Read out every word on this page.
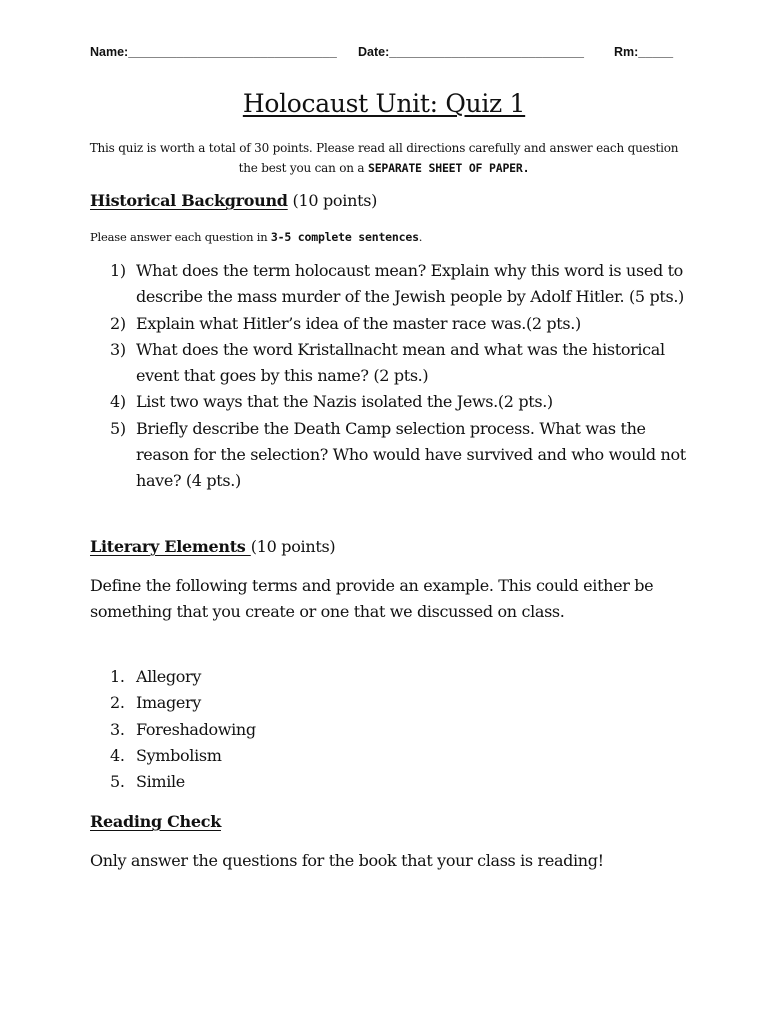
Name:______________________________ Date:____________________________ Rm:_____
Holocaust Unit: Quiz 1
This quiz is worth a total of 30 points. Please read all directions carefully and answer each question the best you can on a SEPARATE SHEET OF PAPER.
Historical Background (10 points)
Please answer each question in 3-5 complete sentences.
1) What does the term holocaust mean? Explain why this word is used to describe the mass murder of the Jewish people by Adolf Hitler. (5 pts.)
2) Explain what Hitler’s idea of the master race was.(2 pts.)
3) What does the word Kristallnacht mean and what was the historical event that goes by this name? (2 pts.)
4) List two ways that the Nazis isolated the Jews.(2 pts.)
5) Briefly describe the Death Camp selection process. What was the reason for the selection? Who would have survived and who would not have? (4 pts.)
Literary Elements (10 points)
Define the following terms and provide an example. This could either be something that you create or one that we discussed on class.
1. Allegory
2. Imagery
3. Foreshadowing
4. Symbolism
5. Simile
Reading Check
Only answer the questions for the book that your class is reading!
